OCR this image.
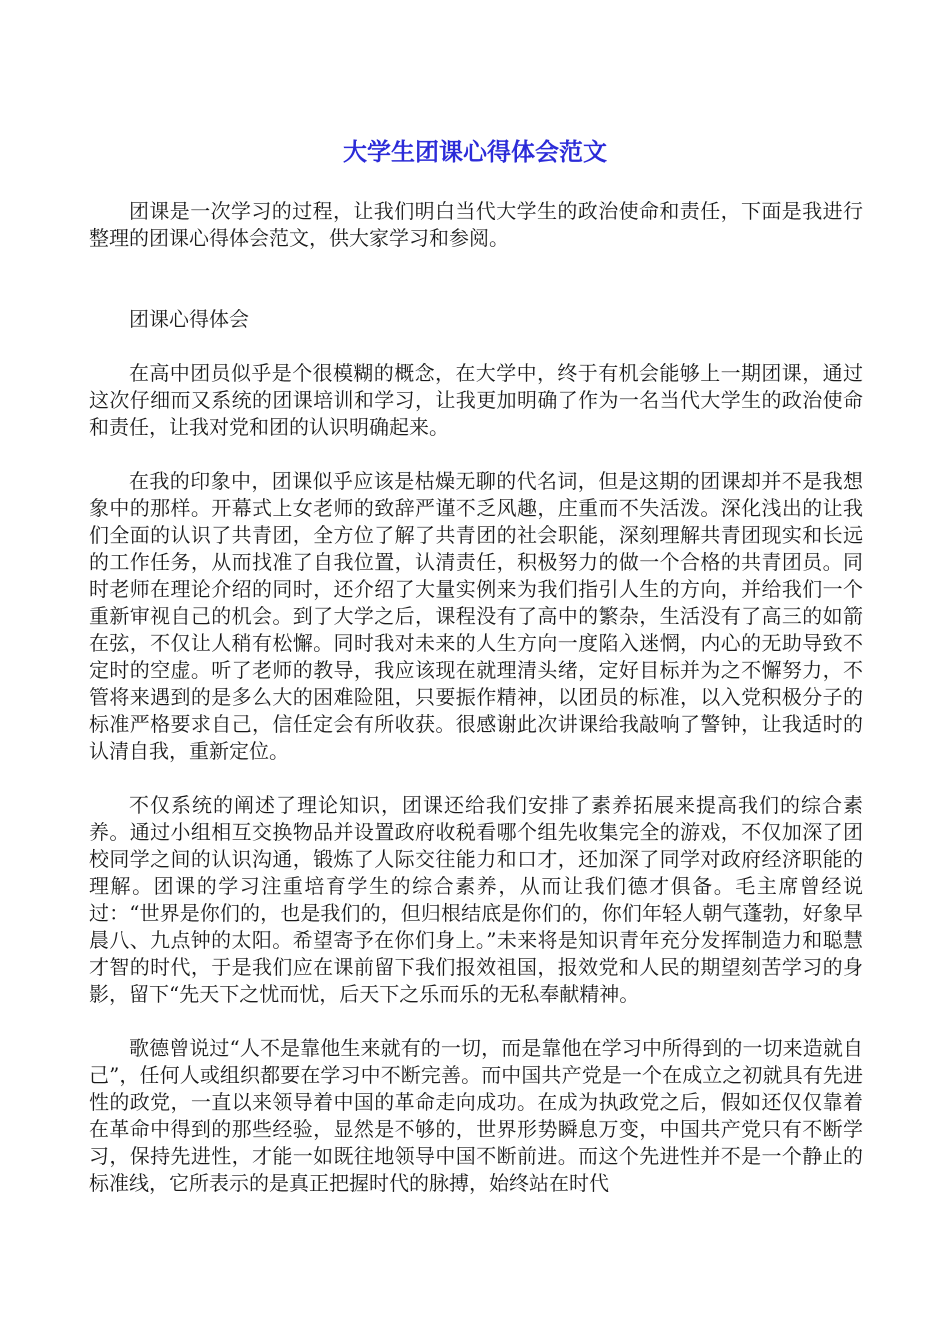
大学生团课心得体会范文

团课是一次学习的过程，让我们明白当代大学生的政治使命和责任，下面是我进行整理的团课心得体会范文，供大家学习和参阅。

团课心得体会

在高中团员似乎是个很模糊的概念，在大学中，终于有机会能够上一期团课，通过这次仔细而又系统的团课培训和学习，让我更加明确了作为一名当代大学生的政治使命和责任，让我对党和团的认识明确起来。

在我的印象中，团课似乎应该是枯燥无聊的代名词，但是这期的团课却并不是我想象中的那样。开幕式上女老师的致辞严谨不乏风趣，庄重而不失活泼。深化浅出的让我们全面的认识了共青团，全方位了解了共青团的社会职能，深刻理解共青团现实和长远的工作任务，从而找准了自我位置，认清责任，积极努力的做一个合格的共青团员。同时老师在理论介绍的同时，还介绍了大量实例来为我们指引人生的方向，并给我们一个重新审视自己的机会。到了大学之后，课程没有了高中的繁杂，生活没有了高三的如箭在弦，不仅让人稍有松懈。同时我对未来的人生方向一度陷入迷惘，内心的无助导致不定时的空虚。听了老师的教导，我应该现在就理清头绪，定好目标并为之不懈努力，不管将来遇到的是多么大的困难险阻，只要振作精神，以团员的标准，以入党积极分子的标准严格要求自己，信任定会有所收获。很感谢此次讲课给我敲响了警钟，让我适时的认清自我，重新定位。

不仅系统的阐述了理论知识，团课还给我们安排了素养拓展来提高我们的综合素养。通过小组相互交换物品并设置政府收税看哪个组先收集完全的游戏，不仅加深了团校同学之间的认识沟通，锻炼了人际交往能力和口才，还加深了同学对政府经济职能的理解。团课的学习注重培育学生的综合素养，从而让我们德才俱备。毛主席曾经说过：“世界是你们的，也是我们的，但归根结底是你们的，你们年轻人朝气蓬勃，好象早晨八、九点钟的太阳。希望寄予在你们身上。”未来将是知识青年充分发挥制造力和聪慧才智的时代，于是我们应在课前留下我们报效祖国，报效党和人民的期望刻苦学习的身影，留下“先天下之忧而忧，后天下之乐而乐的无私奉献精神。

歌德曾说过“人不是靠他生来就有的一切，而是靠他在学习中所得到的一切来造就自己”，任何人或组织都要在学习中不断完善。而中国共产党是一个在成立之初就具有先进性的政党，一直以来领导着中国的革命走向成功。在成为执政党之后，假如还仅仅靠着在革命中得到的那些经验，显然是不够的，世界形势瞬息万变，中国共产党只有不断学习，保持先进性，才能一如既往地领导中国不断前进。而这个先进性并不是一个静止的标准线，它所表示的是真正把握时代的脉搏，始终站在时代
